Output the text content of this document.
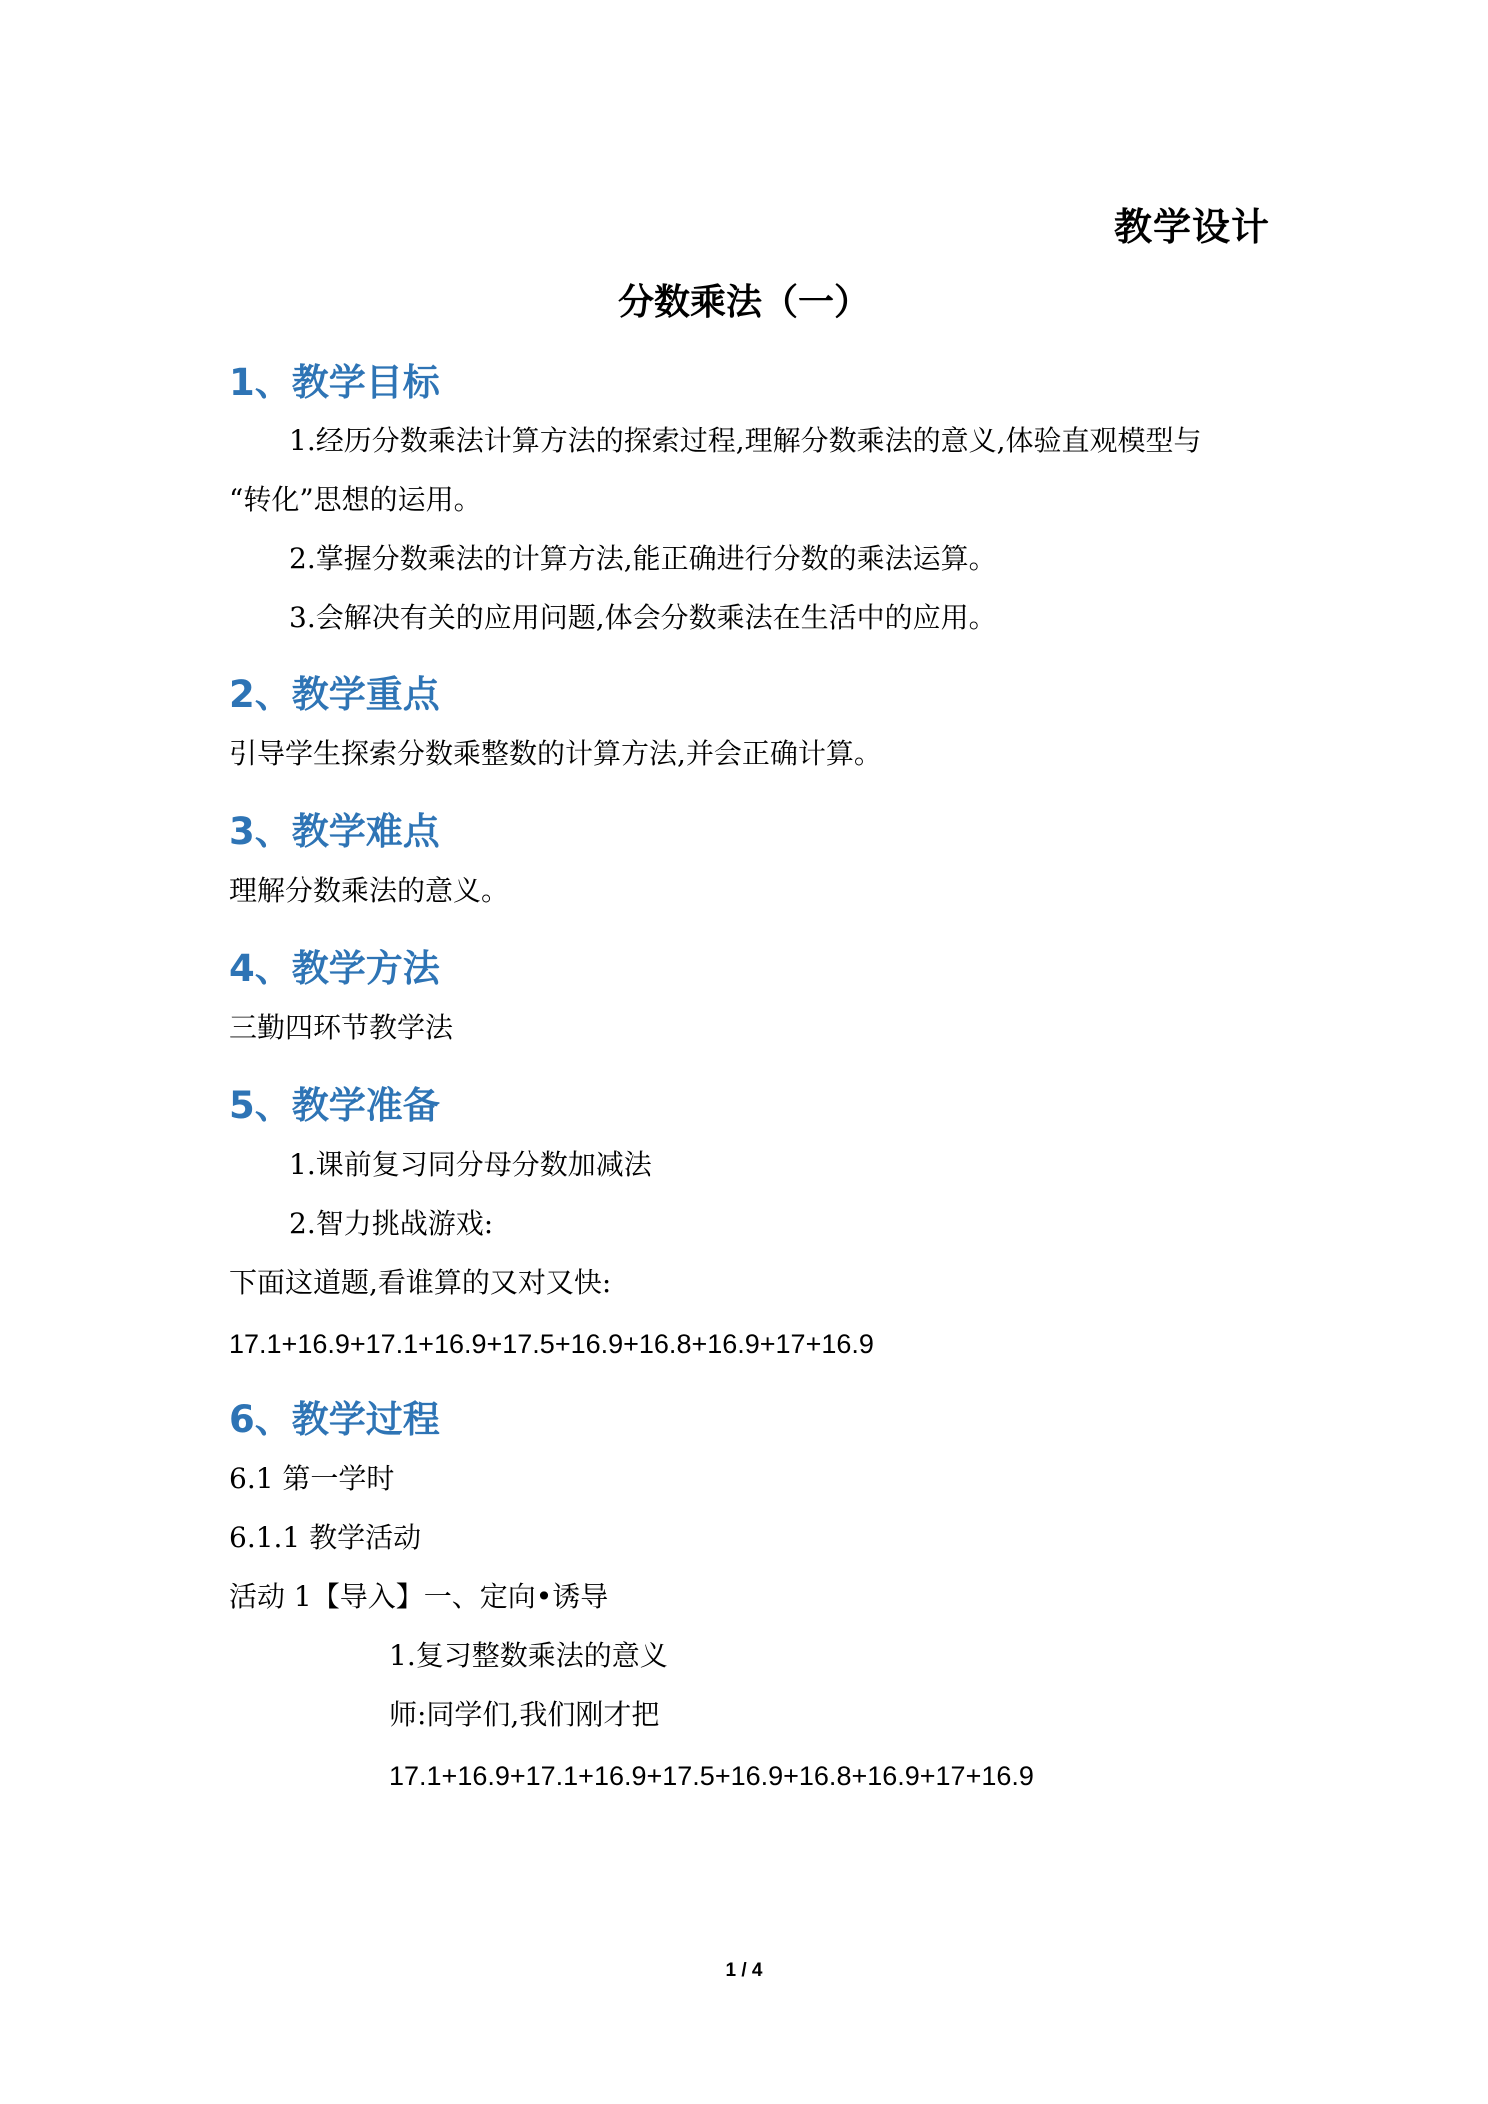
教学设计
分数乘法（一）
1、教学目标
1.经历分数乘法计算方法的探索过程,理解分数乘法的意义,体验直观模型与
“转化”思想的运用。
2.掌握分数乘法的计算方法,能正确进行分数的乘法运算。
3.会解决有关的应用问题,体会分数乘法在生活中的应用。
2、教学重点
引导学生探索分数乘整数的计算方法,并会正确计算。
3、教学难点
理解分数乘法的意义。
4、教学方法
三勤四环节教学法
5、教学准备
1.课前复习同分母分数加减法
2.智力挑战游戏:
下面这道题,看谁算的又对又快:
17.1+16.9+17.1+16.9+17.5+16.9+16.8+16.9+17+16.9
6、教学过程
6.1 第一学时
6.1.1 教学活动
活动 1【导入】一、定向•诱导
1.复习整数乘法的意义
师:同学们,我们刚才把
17.1+16.9+17.1+16.9+17.5+16.9+16.8+16.9+17+16.9
1 / 4
